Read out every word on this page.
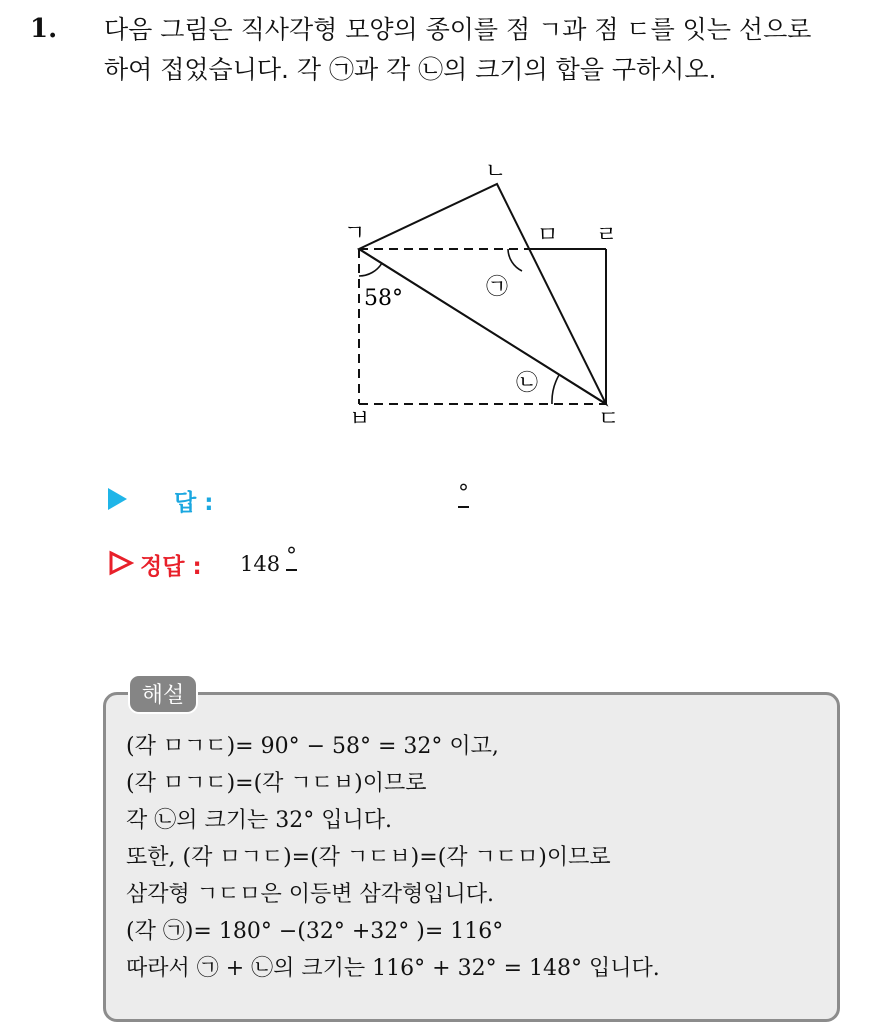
1. 다음 그림은 직사각형 모양의 종이를 점 ㄱ과 점 ㄷ를 잇는 선으로
하여 접었습니다. 각 ㉠과 각 ㉡의 크기의 합을 구하시오.
ㄴ
ㄱ	ㅁ ㄹ
ㅂ	ㄷ
58°	㉠
㉡
답 :	°
정답 : 148 °
해설
(각 ㅁㄱㄷ)= 90° − 58° = 32° 이고,
(각 ㅁㄱㄷ)=(각 ㄱㄷㅂ)이므로
각 ㉡의 크기는 32° 입니다.
또한, (각 ㅁㄱㄷ)=(각 ㄱㄷㅂ)=(각 ㄱㄷㅁ)이므로
삼각형 ㄱㄷㅁ은 이등변 삼각형입니다.
(각 ㉠)= 180° −(32° +32° )= 116°
따라서 ㉠ + ㉡의 크기는 116° + 32° = 148° 입니다.
